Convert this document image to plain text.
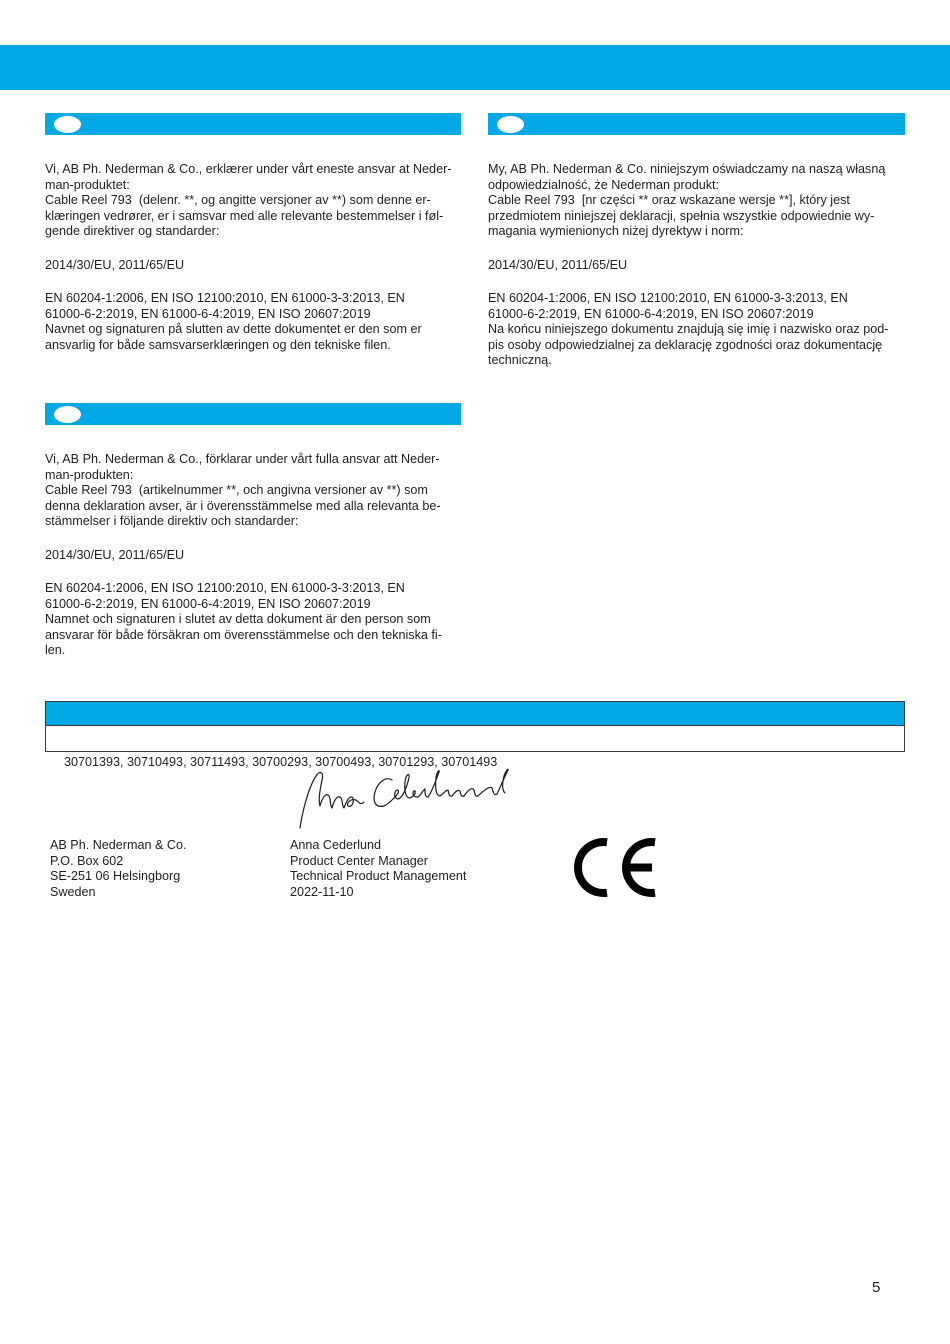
Vi, AB Ph. Nederman & Co., erklærer under vårt eneste ansvar at Neder-
man-produktet:
Cable Reel 793  (delenr. **, og angitte versjoner av **) som denne er-
klæringen vedrører, er i samsvar med alle relevante bestemmelser i føl-
gende direktiver og standarder:
2014/30/EU, 2011/65/EU
EN 60204-1:2006, EN ISO 12100:2010, EN 61000-3-3:2013, EN
61000-6-2:2019, EN 61000-6-4:2019, EN ISO 20607:2019
Navnet og signaturen på slutten av dette dokumentet er den som er
ansvarlig for både samsvarserklæringen og den tekniske filen.
My, AB Ph. Nederman & Co. niniejszym oświadczamy na naszą własną
odpowiedzialność, że Nederman produkt:
Cable Reel 793  [nr części ** oraz wskazane wersje **], który jest
przedmiotem niniejszej deklaracji, spełnia wszystkie odpowiednie wy-
magania wymienionych niżej dyrektyw i norm:
2014/30/EU, 2011/65/EU
EN 60204-1:2006, EN ISO 12100:2010, EN 61000-3-3:2013, EN
61000-6-2:2019, EN 61000-6-4:2019, EN ISO 20607:2019
Na końcu niniejszego dokumentu znajdują się imię i nazwisko oraz pod-
pis osoby odpowiedzialnej za deklarację zgodności oraz dokumentację
techniczną.
Vi, AB Ph. Nederman & Co., förklarar under vårt fulla ansvar att Neder-
man-produkten:
Cable Reel 793  (artikelnummer **, och angivna versioner av **) som
denna deklaration avser, är i överensstämmelse med alla relevanta be-
stämmelser i följande direktiv och standarder:
2014/30/EU, 2011/65/EU
EN 60204-1:2006, EN ISO 12100:2010, EN 61000-3-3:2013, EN
61000-6-2:2019, EN 61000-6-4:2019, EN ISO 20607:2019
Namnet och signaturen i slutet av detta dokument är den person som
ansvarar för både försäkran om överensstämmelse och den tekniska fi-
len.

30701393, 30710493, 30711493, 30700293, 30700493, 30701293, 30701493

AB Ph. Nederman & Co.
P.O. Box 602
SE-251 06 Helsingborg
Sweden
Anna Cederlund
Product Center Manager
Technical Product Management
2022-11-10
5
